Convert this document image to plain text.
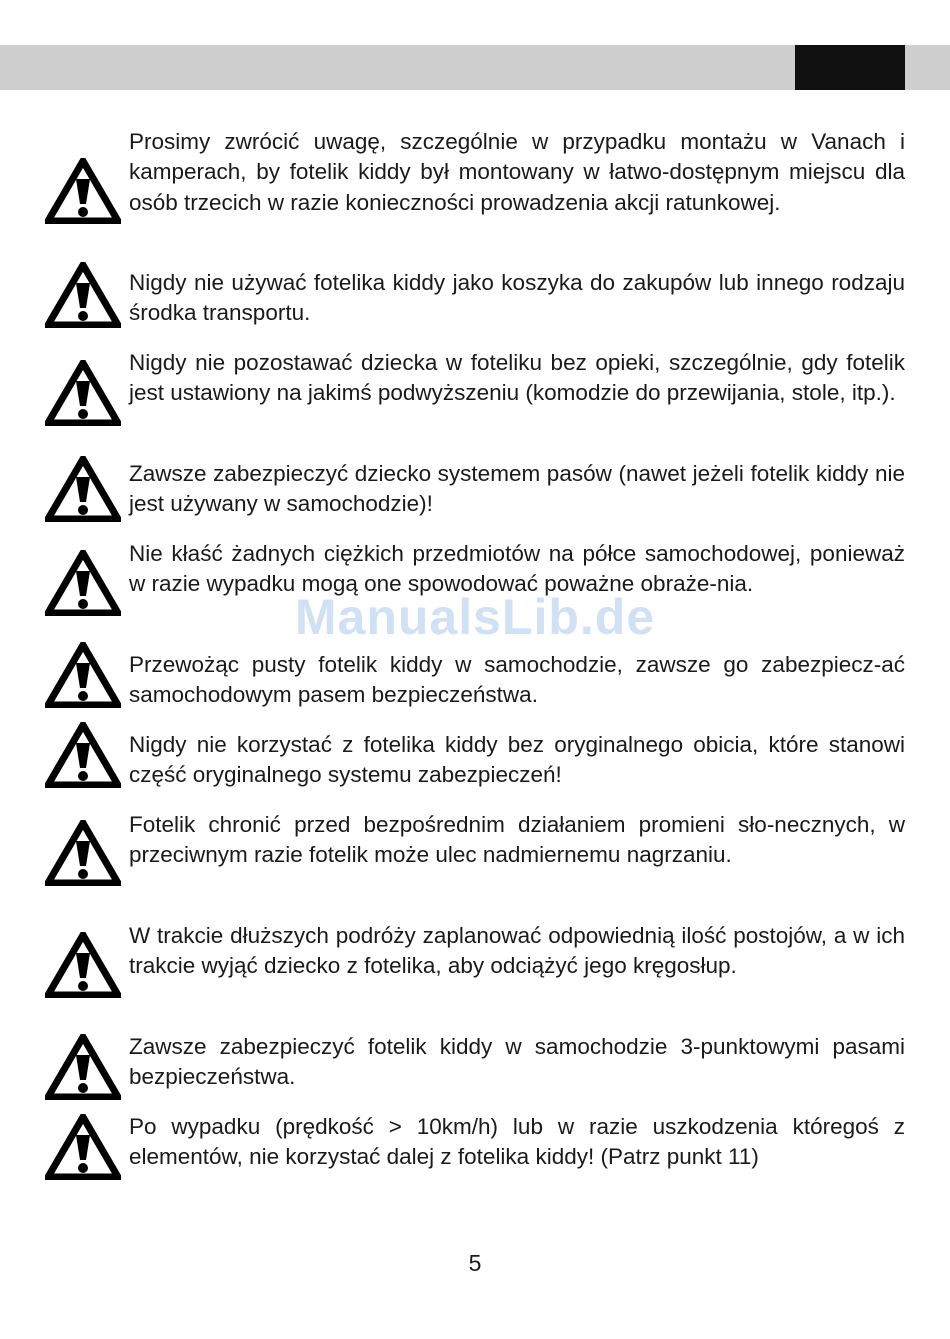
Prosimy zwrócić uwagę, szczególnie w przypadku montażu w Vanach i kamperach, by fotelik kiddy był montowany w łatwo-dostępnym miejscu dla osób trzecich w razie konieczności prowadzenia akcji ratunkowej.

Nigdy nie używać fotelika kiddy jako koszyka do zakupów lub innego rodzaju środka transportu.

Nigdy nie pozostawać dziecka w foteliku bez opieki, szczególnie, gdy fotelik jest ustawiony na jakimś podwyższeniu (komodzie do przewijania, stole, itp.).

Zawsze zabezpieczyć dziecko systemem pasów (nawet jeżeli fotelik kiddy nie jest używany w samochodzie)!

Nie kłaść żadnych ciężkich przedmiotów na półce samochodowej, ponieważ w razie wypadku mogą one spowodować poważne obraże-nia.

Przewożąc pusty fotelik kiddy w samochodzie, zawsze go zabezpiecz-ać samochodowym pasem bezpieczeństwa.

Nigdy nie korzystać z fotelika kiddy bez oryginalnego obicia, które stanowi część oryginalnego systemu zabezpieczeń!

Fotelik chronić przed bezpośrednim działaniem promieni sło-necznych, w przeciwnym razie fotelik może ulec nadmiernemu nagrzaniu.

W trakcie dłuższych podróży zaplanować odpowiednią ilość postojów, a w ich trakcie wyjąć dziecko z fotelika, aby odciążyć jego kręgosłup.

Zawsze zabezpieczyć fotelik kiddy w samochodzie 3-punktowymi pasami bezpieczeństwa.

Po wypadku (prędkość > 10km/h) lub w razie uszkodzenia któregoś z elementów, nie korzystać dalej z fotelika kiddy! (Patrz punkt 11)

ManualsLib.de
5
